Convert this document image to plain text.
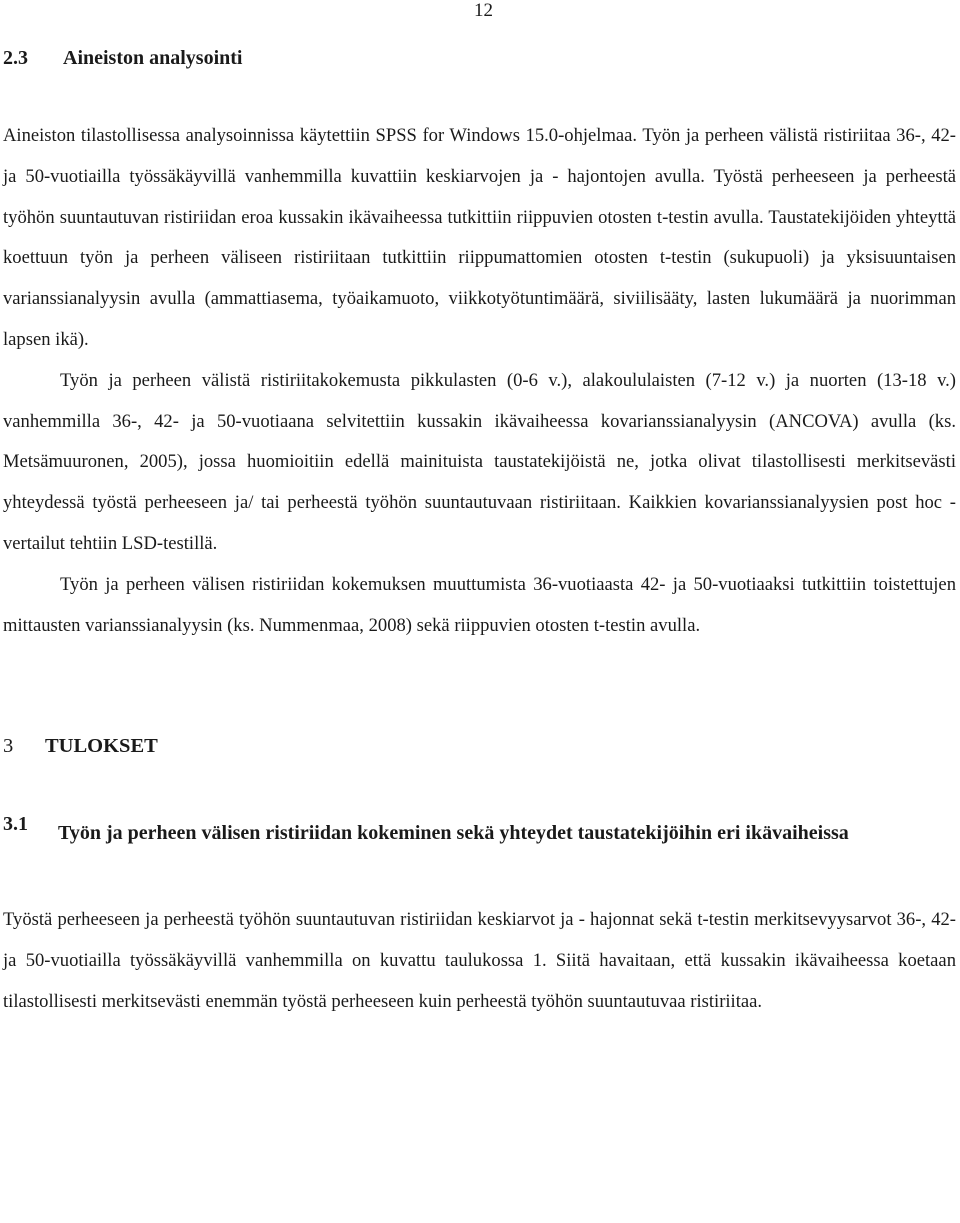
12
2.3	Aineiston analysointi

Aineiston tilastollisessa analysoinnissa käytettiin SPSS for Windows 15.0-ohjelmaa. Työn ja perheen välistä ristiriitaa 36-, 42- ja 50-vuotiailla työssäkäyvillä vanhemmilla kuvattiin keskiarvojen ja - hajontojen avulla. Työstä perheeseen ja perheestä työhön suuntautuvan ristiriidan eroa kussakin ikävaiheessa tutkittiin riippuvien otosten t-testin avulla. Taustatekijöiden yhteyttä koettuun työn ja perheen väliseen ristiriitaan tutkittiin riippumattomien otosten t-testin (sukupuoli) ja yksisuuntaisen varianssianalyysin avulla (ammattiasema, työaikamuoto, viikkotyötuntimäärä, siviilisääty, lasten lukumäärä ja nuorimman lapsen ikä).

Työn ja perheen välistä ristiriitakokemusta pikkulasten (0-6 v.), alakoululaisten (7-12 v.) ja nuorten (13-18 v.) vanhemmilla 36-, 42- ja 50-vuotiaana selvitettiin kussakin ikävaiheessa kovarianssianalyysin (ANCOVA) avulla (ks. Metsämuuronen, 2005), jossa huomioitiin edellä mainituista taustatekijöistä ne, jotka olivat tilastollisesti merkitsevästi yhteydessä työstä perheeseen ja/ tai perheestä työhön suuntautuvaan ristiriitaan. Kaikkien kovarianssianalyysien post hoc - vertailut tehtiin LSD-testillä.

Työn ja perheen välisen ristiriidan kokemuksen muuttumista 36-vuotiaasta 42- ja 50-vuotiaaksi tutkittiin toistettujen mittausten varianssianalyysin (ks. Nummenmaa, 2008) sekä riippuvien otosten t-testin avulla.

3	TULOKSET
3.1	Työn ja perheen välisen ristiriidan kokeminen sekä yhteydet taustatekijöihin eri ikävaiheissa

Työstä perheeseen ja perheestä työhön suuntautuvan ristiriidan keskiarvot ja - hajonnat sekä t-testin merkitsevyysarvot 36-, 42- ja 50-vuotiailla työssäkäyvillä vanhemmilla on kuvattu taulukossa 1. Siitä havaitaan, että kussakin ikävaiheessa koetaan tilastollisesti merkitsevästi enemmän työstä perheeseen kuin perheestä työhön suuntautuvaa ristiriitaa.
